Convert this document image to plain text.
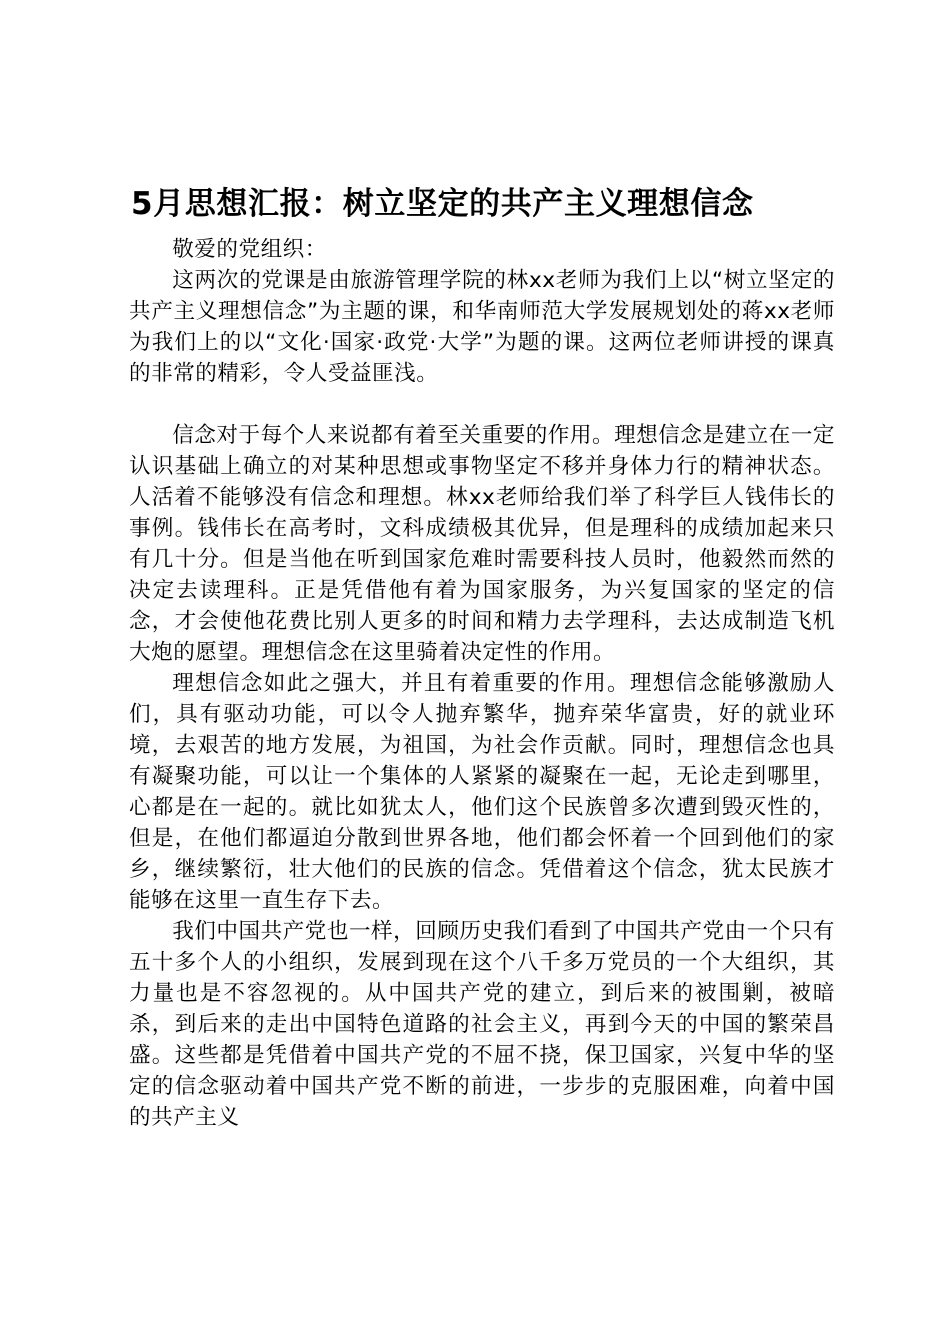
5月思想汇报：树立坚定的共产主义理想信念

敬爱的党组织：

这两次的党课是由旅游管理学院的林xx老师为我们上以“树立坚定的共产主义理想信念”为主题的课，和华南师范大学发展规划处的蒋xx老师为我们上的以“文化·国家·政党·大学”为题的课。这两位老师讲授的课真的非常的精彩，令人受益匪浅。

信念对于每个人来说都有着至关重要的作用。理想信念是建立在一定认识基础上确立的对某种思想或事物坚定不移并身体力行的精神状态。人活着不能够没有信念和理想。林xx老师给我们举了科学巨人钱伟长的事例。钱伟长在高考时，文科成绩极其优异，但是理科的成绩加起来只有几十分。但是当他在听到国家危难时需要科技人员时，他毅然而然的决定去读理科。正是凭借他有着为国家服务，为兴复国家的坚定的信念，才会使他花费比别人更多的时间和精力去学理科，去达成制造飞机大炮的愿望。理想信念在这里骑着决定性的作用。

理想信念如此之强大，并且有着重要的作用。理想信念能够激励人们，具有驱动功能，可以令人抛弃繁华，抛弃荣华富贵，好的就业环境，去艰苦的地方发展，为祖国，为社会作贡献。同时，理想信念也具有凝聚功能，可以让一个集体的人紧紧的凝聚在一起，无论走到哪里，心都是在一起的。就比如犹太人，他们这个民族曾多次遭到毁灭性的，但是，在他们都逼迫分散到世界各地，他们都会怀着一个回到他们的家乡，继续繁衍，壮大他们的民族的信念。凭借着这个信念，犹太民族才能够在这里一直生存下去。

我们中国共产党也一样，回顾历史我们看到了中国共产党由一个只有五十多个人的小组织，发展到现在这个八千多万党员的一个大组织，其力量也是不容忽视的。从中国共产党的建立，到后来的被围剿，被暗杀，到后来的走出中国特色道路的社会主义，再到今天的中国的繁荣昌盛。这些都是凭借着中国共产党的不屈不挠，保卫国家，兴复中华的坚定的信念驱动着中国共产党不断的前进，一步步的克服困难，向着中国的共产主义
